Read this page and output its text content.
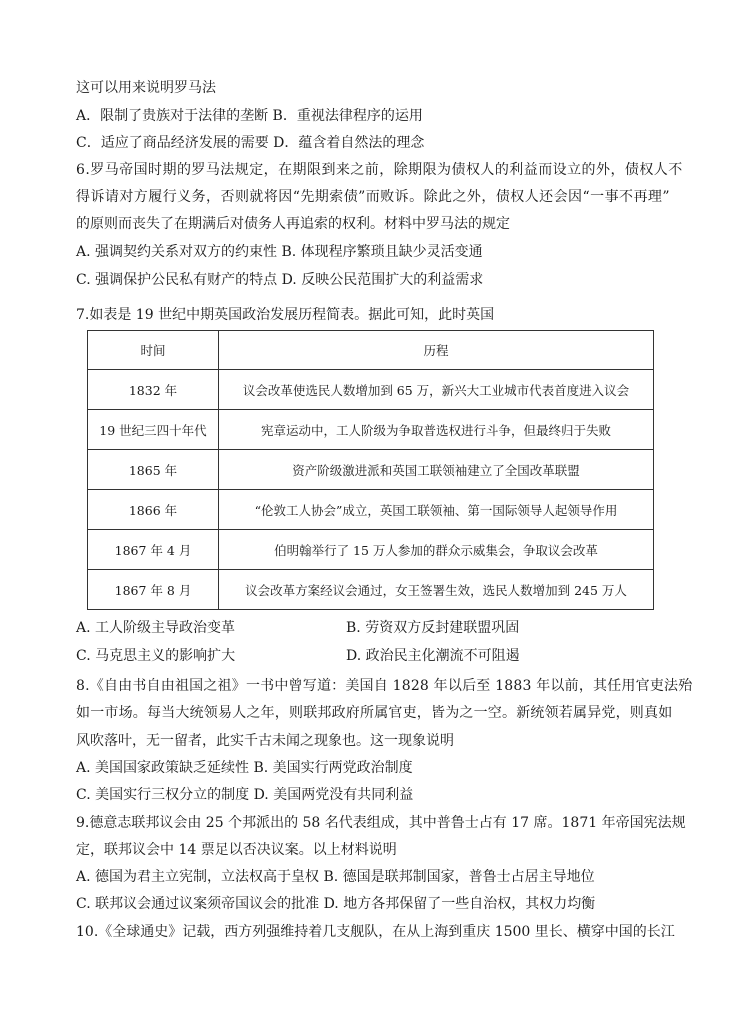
这可以用来说明罗马法
A．限制了贵族对于法律的垄断 B．重视法律程序的运用
C．适应了商品经济发展的需要 D．蕴含着自然法的理念
6.罗马帝国时期的罗马法规定，在期限到来之前，除期限为债权人的利益而设立的外，债权人不
得诉请对方履行义务，否则就将因“先期索债”而败诉。除此之外，债权人还会因“一事不再理”
的原则而丧失了在期满后对债务人再追索的权利。材料中罗马法的规定
A. 强调契约关系对双方的约束性 B. 体现程序繁琐且缺少灵活变通
C. 强调保护公民私有财产的特点 D. 反映公民范围扩大的利益需求
7.如表是 19 世纪中期英国政治发展历程简表。据此可知，此时英国
时间	历程
1832 年	议会改革使选民人数增加到 65 万，新兴大工业城市代表首度进入议会
19 世纪三四十年代	宪章运动中，工人阶级为争取普选权进行斗争，但最终归于失败
1865 年	资产阶级激进派和英国工联领袖建立了全国改革联盟
1866 年	“伦敦工人协会”成立，英国工联领袖、第一国际领导人起领导作用
1867 年 4 月	伯明翰举行了 15 万人参加的群众示威集会，争取议会改革
1867 年 8 月	议会改革方案经议会通过，女王签署生效，选民人数增加到 245 万人
A. 工人阶级主导政治变革	B. 劳资双方反封建联盟巩固
C. 马克思主义的影响扩大	D. 政治民主化潮流不可阻遏
8.《自由书自由祖国之祖》一书中曾写道：美国自 1828 年以后至 1883 年以前，其任用官吏法殆
如一市场。每当大统领易人之年，则联邦政府所属官吏，皆为之一空。新统领若属异党，则真如
风吹落叶，无一留者，此实千古未闻之现象也。这一现象说明
A. 美国国家政策缺乏延续性 B. 美国实行两党政治制度
C. 美国实行三权分立的制度 D. 美国两党没有共同利益
9.德意志联邦议会由 25 个邦派出的 58 名代表组成，其中普鲁士占有 17 席。1871 年帝国宪法规
定，联邦议会中 14 票足以否决议案。以上材料说明
A. 德国为君主立宪制，立法权高于皇权 B. 德国是联邦制国家，普鲁士占居主导地位
C. 联邦议会通过议案须帝国议会的批准 D. 地方各邦保留了一些自治权，其权力均衡
10.《全球通史》记载，西方列强维持着几支舰队，在从上海到重庆 1500 里长、横穿中国的长江
